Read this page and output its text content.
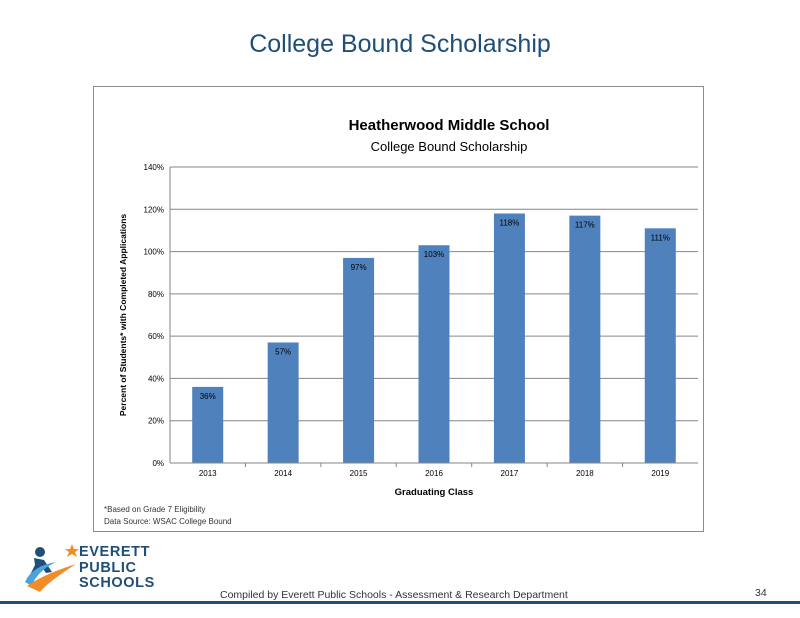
College Bound Scholarship
Heatherwood Middle School
College Bound Scholarship
0%
20%
40%
60%
80%
100%
120%
140%
36%
57%
97%
103%
118%	117%
111%
2013	2014	2015	2016	2017	2018	2019
Graduating Class
Percent of Students* with Completed Applications
*Based on Grade 7 Eligibility
Data Source: WSAC College Bound
EVERETT
PUBLIC
SCHOOLS
Compiled by Everett Public Schools - Assessment & Research Department	34
